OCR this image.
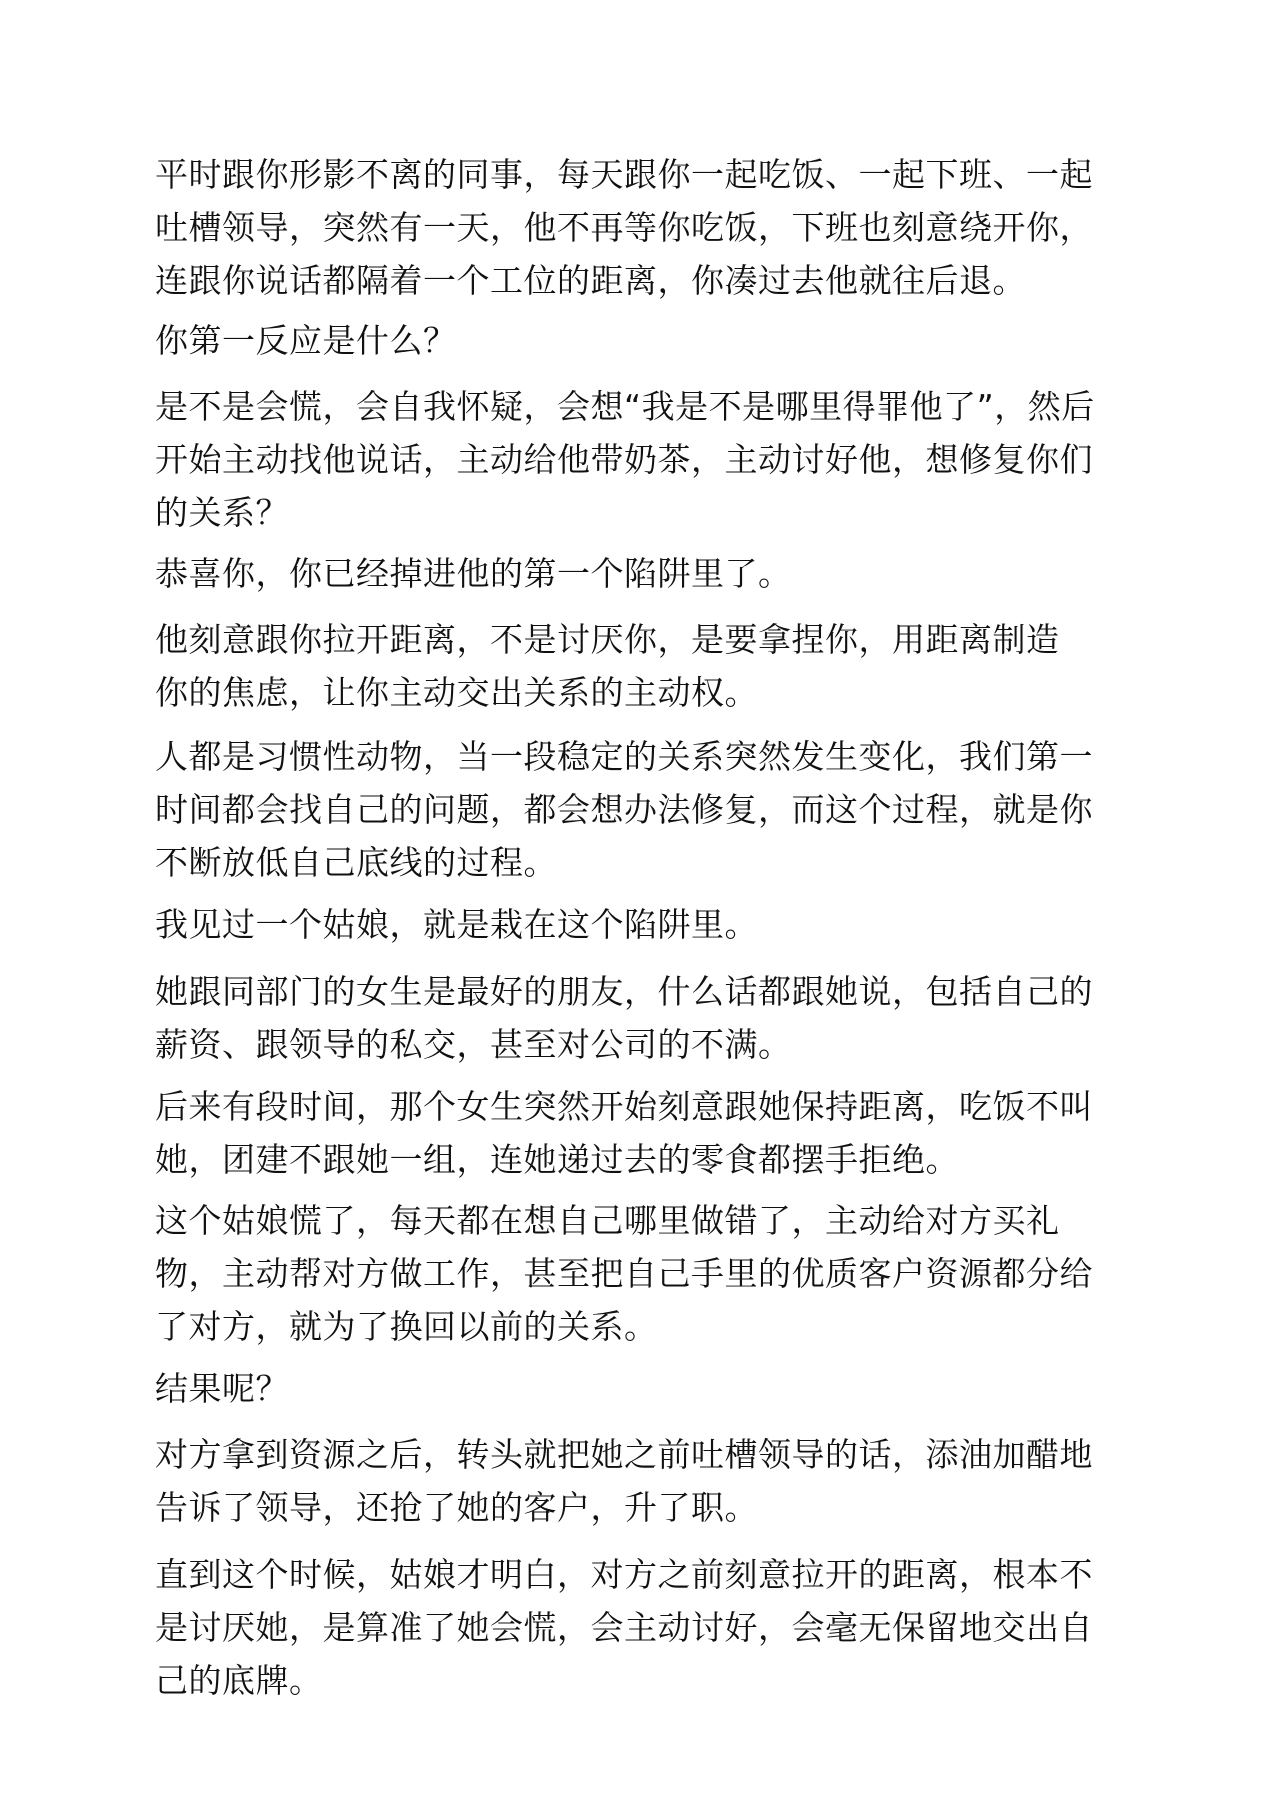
平时跟你形影不离的同事，每天跟你一起吃饭、一起下班、一起
吐槽领导，突然有一天，他不再等你吃饭，下班也刻意绕开你，
连跟你说话都隔着一个工位的距离，你凑过去他就往后退。

你第一反应是什么？

是不是会慌，会自我怀疑，会想“我是不是哪里得罪他了”，然后
开始主动找他说话，主动给他带奶茶，主动讨好他，想修复你们
的关系？

恭喜你，你已经掉进他的第一个陷阱里了。

他刻意跟你拉开距离，不是讨厌你，是要拿捏你，用距离制造
你的焦虑，让你主动交出关系的主动权。

人都是习惯性动物，当一段稳定的关系突然发生变化，我们第一
时间都会找自己的问题，都会想办法修复，而这个过程，就是你
不断放低自己底线的过程。

我见过一个姑娘，就是栽在这个陷阱里。

她跟同部门的女生是最好的朋友，什么话都跟她说，包括自己的
薪资、跟领导的私交，甚至对公司的不满。

后来有段时间，那个女生突然开始刻意跟她保持距离，吃饭不叫
她，团建不跟她一组，连她递过去的零食都摆手拒绝。

这个姑娘慌了，每天都在想自己哪里做错了，主动给对方买礼
物，主动帮对方做工作，甚至把自己手里的优质客户资源都分给
了对方，就为了换回以前的关系。

结果呢？

对方拿到资源之后，转头就把她之前吐槽领导的话，添油加醋地
告诉了领导，还抢了她的客户，升了职。

直到这个时候，姑娘才明白，对方之前刻意拉开的距离，根本不
是讨厌她，是算准了她会慌，会主动讨好，会毫无保留地交出自
己的底牌。
